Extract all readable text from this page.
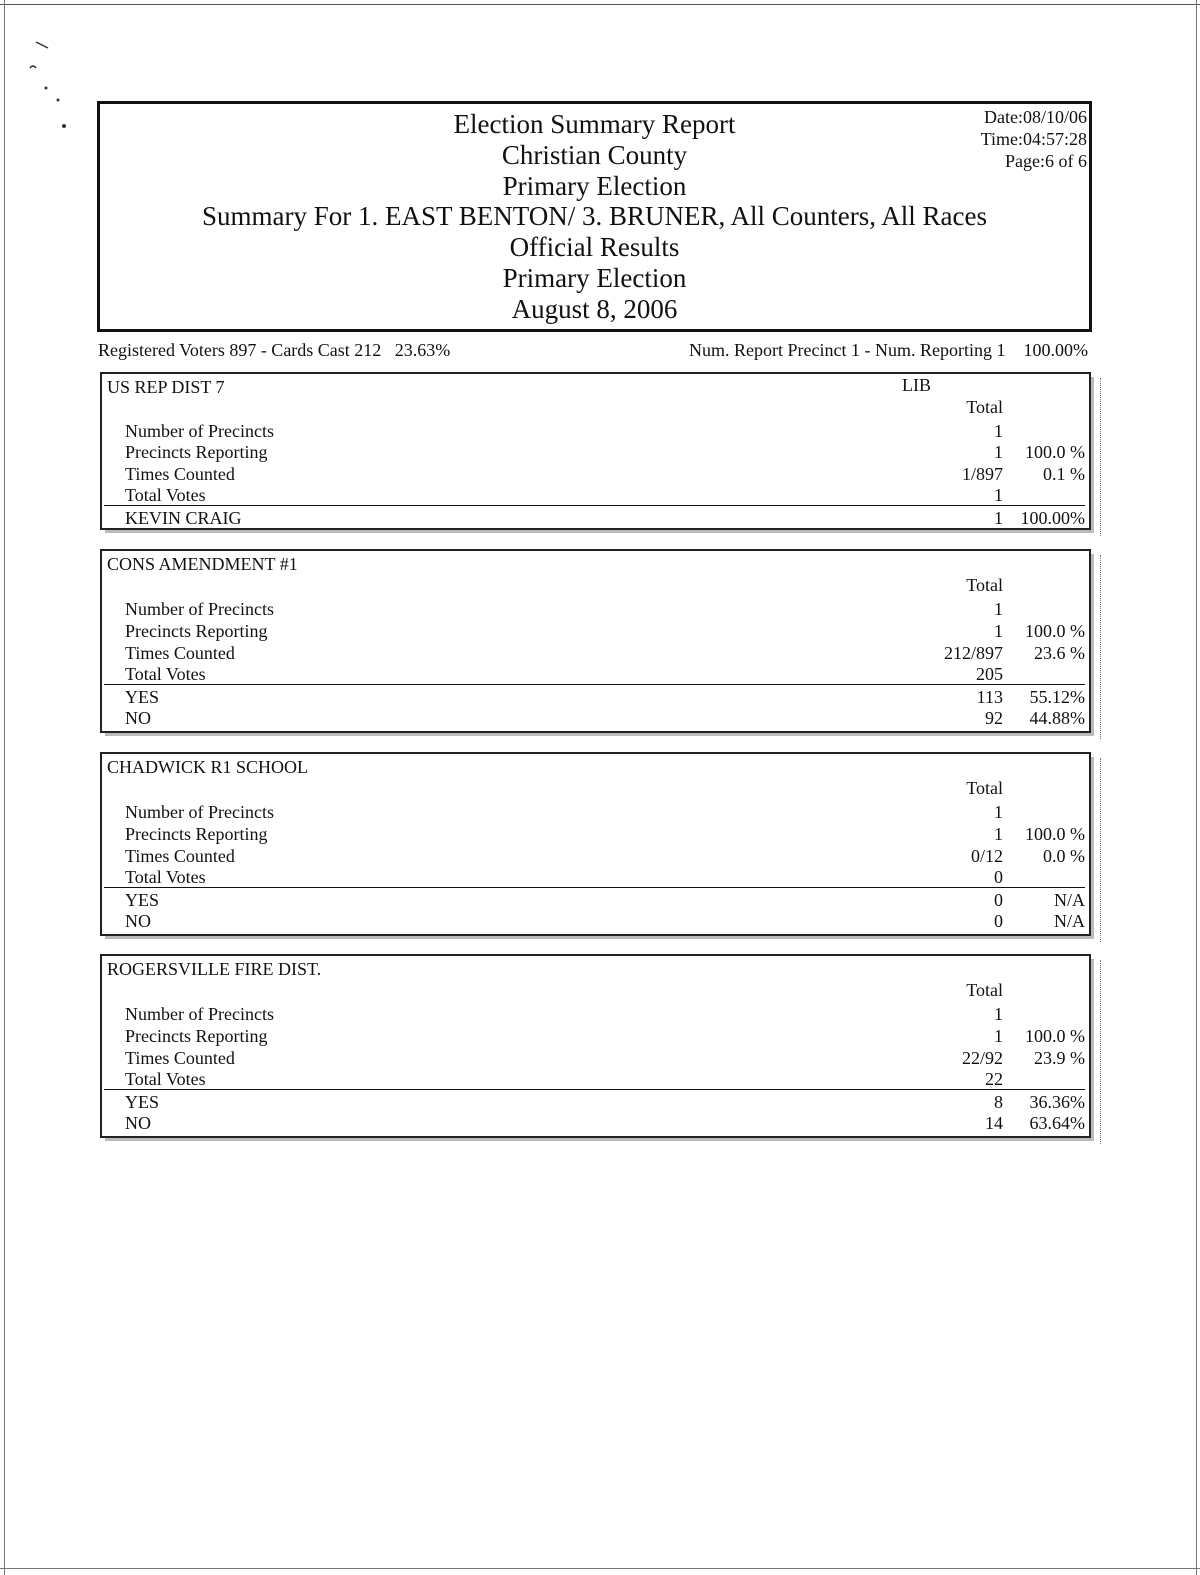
Election Summary Report
Christian County
Primary Election
Summary For 1. EAST BENTON/ 3. BRUNER, All Counters, All Races
Official Results
Primary Election
August 8, 2006
Date:08/10/06
Time:04:57:28
Page:6 of 6
Registered Voters 897 - Cards Cast 212   23.63%	Num. Report Precinct 1 - Num. Reporting 1    100.00%
US REP DIST 7	LIB
Total
Number of Precincts	1
Precincts Reporting	1 100.0 %
Times Counted	1/897 0.1 %
Total Votes	1
KEVIN CRAIG	1 100.00%
CONS AMENDMENT #1
Total
Number of Precincts	1
Precincts Reporting	1 100.0 %
Times Counted	212/897 23.6 %
Total Votes	205
YES	113 55.12%
NO	92 44.88%
CHADWICK R1 SCHOOL
Total
Number of Precincts	1
Precincts Reporting	1 100.0 %
Times Counted	0/12 0.0 %
Total Votes	0
YES	0	N/A
NO	0	N/A
ROGERSVILLE FIRE DIST.
Total
Number of Precincts	1
Precincts Reporting	1 100.0 %
Times Counted	22/92 23.9 %
Total Votes	22
YES	8 36.36%
NO	14 63.64%
